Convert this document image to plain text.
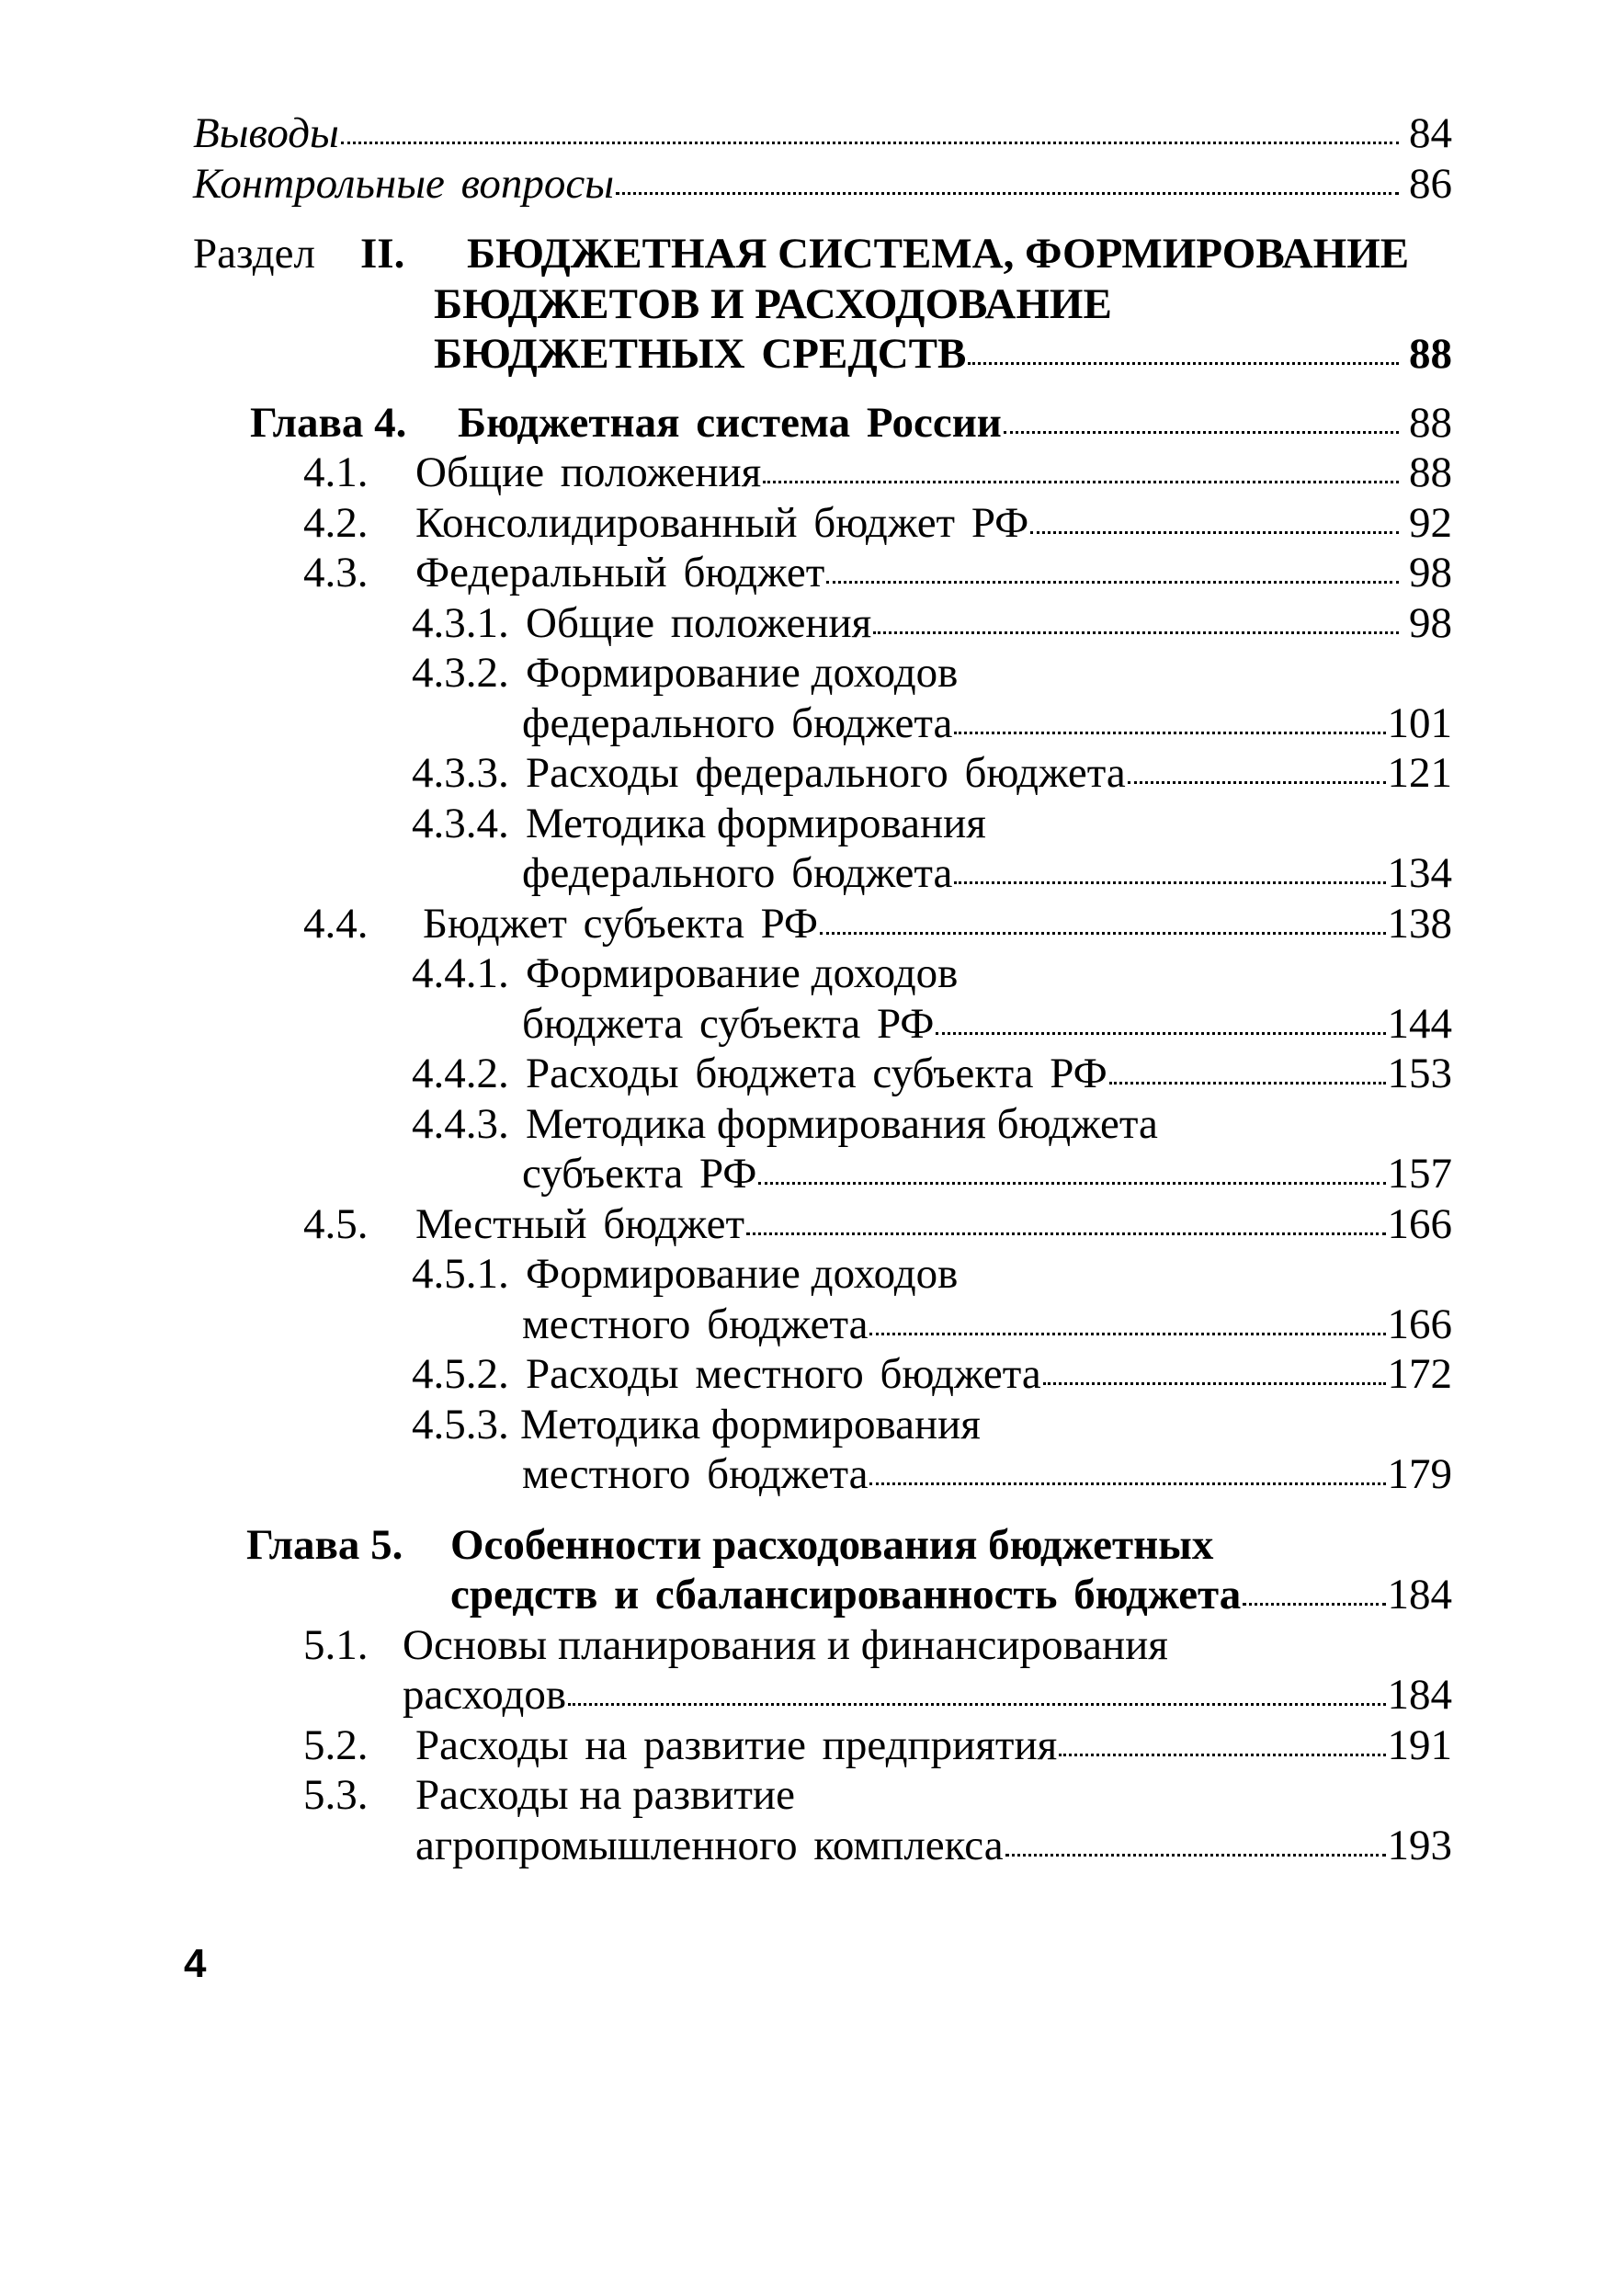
Выводы	84
Контрольные вопросы	86
Раздел II. БЮДЖЕТНАЯ СИСТЕМА, ФОРМИРОВАНИЕ
БЮДЖЕТОВ И РАСХОДОВАНИЕ
БЮДЖЕТНЫХ СРЕДСТВ	88
Глава 4. Бюджетная система России	88
4.1. Общие положения	88
4.2. Консолидированный бюджет РФ	92
4.3. Федеральный бюджет	98
4.3.1. Общие положения	98
4.3.2. Формирование доходов
федерального бюджета	101
4.3.3. Расходы федерального бюджета	121
4.3.4. Методика формирования
федерального бюджета	134
4.4. Бюджет субъекта РФ	138
4.4.1. Формирование доходов
бюджета субъекта РФ	144
4.4.2. Расходы бюджета субъекта РФ	153
4.4.3. Методика формирования бюджета
субъекта РФ	157
4.5. Местный бюджет	166
4.5.1. Формирование доходов
местного бюджета	166
4.5.2. Расходы местного бюджета	172
4.5.3. Методика формирования
местного бюджета	179
Глава 5. Особенности расходования бюджетных
средств и сбалансированность бюджета	184
5.1. Основы планирования и финансирования
расходов	184
5.2. Расходы на развитие предприятия	191
5.3. Расходы на развитие
агропромышленного комплекса	193
4
